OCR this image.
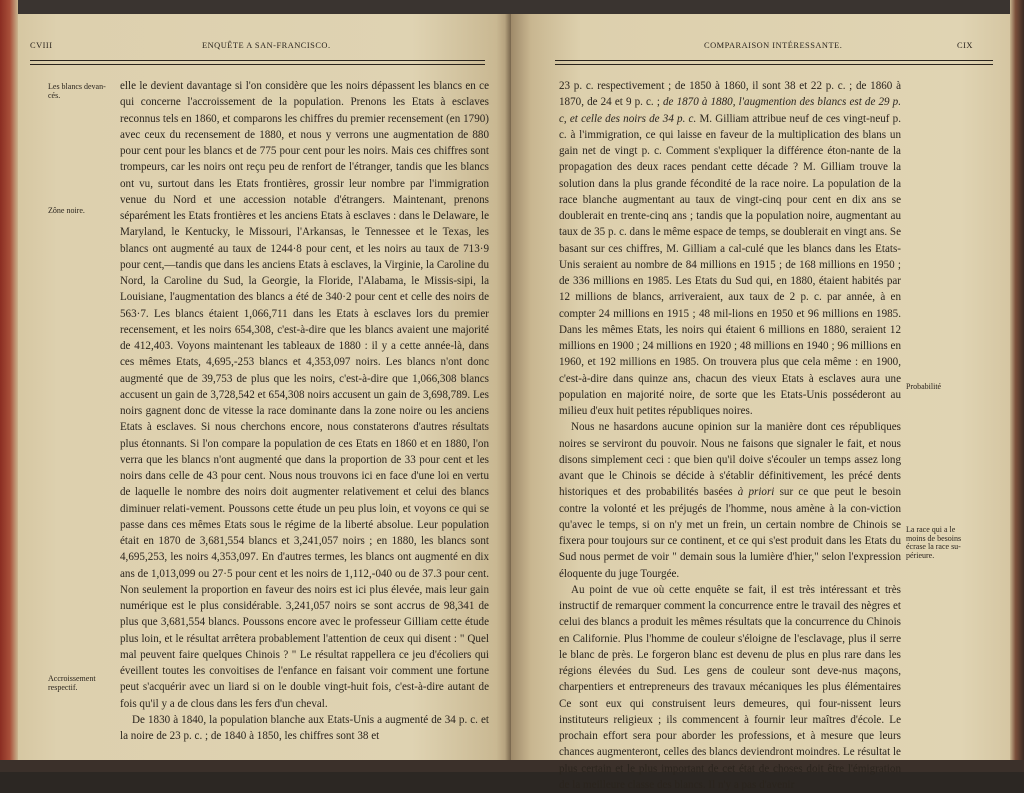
CVIII	ENQUÊTE A SAN-FRANCISCO.
Les blancs devan-
cés.
Zône noire.
Accroissement
respectif.

elle le devient davantage si l'on considère que les noirs dépassent les blancs en ce qui concerne l'accroissement de la population. Prenons les Etats à esclaves reconnus tels en 1860, et comparons les chiffres du premier recensement (en 1790) avec ceux du recensement de 1880, et nous y verrons une augmentation de 880 pour cent pour les blancs et de 775 pour cent pour les noirs. Mais ces chiffres sont trompeurs, car les noirs ont reçu peu de renfort de l'étranger, tandis que les blancs ont vu, surtout dans les Etats frontières, grossir leur nombre par l'immigration venue du Nord et une accession notable d'étrangers. Maintenant, prenons séparément les Etats frontières et les anciens Etats à esclaves : dans le Delaware, le Maryland, le Kentucky, le Missouri, l'Arkansas, le Tennessee et le Texas, les blancs ont augmenté au taux de 1244·8 pour cent, et les noirs au taux de 713·9 pour cent,—tandis que dans les anciens Etats à esclaves, la Virginie, la Caroline du Nord, la Caroline du Sud, la Georgie, la Floride, l'Alabama, le Missis-sipi, la Louisiane, l'augmentation des blancs a été de 340·2 pour cent et celle des noirs de 563·7. Les blancs étaient 1,066,711 dans les Etats à esclaves lors du premier recensement, et les noirs 654,308, c'est-à-dire que les blancs avaient une majorité de 412,403. Voyons maintenant les tableaux de 1880 : il y a cette année-là, dans ces mêmes Etats, 4,695,-253 blancs et 4,353,097 noirs. Les blancs n'ont donc augmenté que de 39,753 de plus que les noirs, c'est-à-dire que 1,066,308 blancs accusent un gain de 3,728,542 et 654,308 noirs accusent un gain de 3,698,789. Les noirs gagnent donc de vitesse la race dominante dans la zone noire ou les anciens Etats à esclaves. Si nous cherchons encore, nous constaterons d'autres résultats plus étonnants. Si l'on compare la population de ces Etats en 1860 et en 1880, l'on verra que les blancs n'ont augmenté que dans la proportion de 33 pour cent et les noirs dans celle de 43 pour cent. Nous nous trouvons ici en face d'une loi en vertu de laquelle le nombre des noirs doit augmenter relativement et celui des blancs diminuer relati-vement. Poussons cette étude un peu plus loin, et voyons ce qui se passe dans ces mêmes Etats sous le régime de la liberté absolue. Leur population était en 1870 de 3,681,554 blancs et 3,241,057 noirs ; en 1880, les blancs sont 4,695,253, les noirs 4,353,097. En d'autres termes, les blancs ont augmenté en dix ans de 1,013,099 ou 27·5 pour cent et les noirs de 1,112,-040 ou de 37.3 pour cent. Non seulement la proportion en faveur des noirs est ici plus élevée, mais leur gain numérique est le plus considérable. 3,241,057 noirs se sont accrus de 98,341 de plus que 3,681,554 blancs. Poussons encore avec le professeur Gilliam cette étude plus loin, et le résultat arrêtera probablement l'attention de ceux qui disent : " Quel mal peuvent faire quelques Chinois ? " Le résultat rappellera ce jeu d'écoliers qui éveillent toutes les convoitises de l'enfance en faisant voir comment une fortune peut s'acquérir avec un liard si on le double vingt-huit fois, c'est-à-dire autant de fois qu'il y a de clous dans les fers d'un cheval.

De 1830 à 1840, la population blanche aux Etats-Unis a augmenté de 34 p. c. et la noire de 23 p. c. ; de 1840 à 1850, les chiffres sont 38 et

COMPARAISON INTÉRESSANTE.	CIX

23 p. c. respectivement ; de 1850 à 1860, il sont 38 et 22 p. c. ; de 1860 à 1870, de 24 et 9 p. c. ; de 1870 à 1880, l'augmention des blancs est de 29 p. c, et celle des noirs de 34 p. c. M. Gilliam attribue neuf de ces vingt-neuf p. c. à l'immigration, ce qui laisse en faveur de la multiplication des blans un gain net de vingt p. c. Comment s'expliquer la différence éton-nante de la propagation des deux races pendant cette décade ? M. Gilliam trouve la solution dans la plus grande fécondité de la race noire. La population de la race blanche augmentant au taux de vingt-cinq pour cent en dix ans se doublerait en trente-cinq ans ; tandis que la population noire, augmentant au taux de 35 p. c. dans le même espace de temps, se doublerait en vingt ans. Se basant sur ces chiffres, M. Gilliam a cal-culé que les blancs dans les Etats-Unis seraient au nombre de 84 millions en 1915 ; de 168 millions en 1950 ; de 336 millions en 1985. Les Etats du Sud qui, en 1880, étaient habités par 12 millions de blancs, arriveraient, aux taux de 2 p. c. par année, à en compter 24 millions en 1915 ; 48 mil-lions en 1950 et 96 millions en 1985. Dans les mêmes Etats, les noirs qui étaient 6 millions en 1880, seraient 12 millions en 1900 ; 24 millions en 1920 ; 48 millions en 1940 ; 96 millions en 1960, et 192 millions en 1985. On trouvera plus que cela même : en 1900, c'est-à-dire dans quinze ans, chacun des vieux Etats à esclaves aura une population en majorité noire, de sorte que les Etats-Unis posséderont au milieu d'eux huit petites républiques noires.

Nous ne hasardons aucune opinion sur la manière dont ces républiques noires se serviront du pouvoir. Nous ne faisons que signaler le fait, et nous disons simplement ceci : que bien qu'il doive s'écouler un temps assez long avant que le Chinois se décide à s'établir définitivement, les précé dents historiques et des probabilités basées à priori sur ce que peut le besoin contre la volonté et les préjugés de l'homme, nous amène à la con-viction qu'avec le temps, si on n'y met un frein, un certain nombre de Chinois se fixera pour toujours sur ce continent, et ce qui s'est produit dans les Etats du Sud nous permet de voir " demain sous la lumière d'hier," selon l'expression éloquente du juge Tourgée.

Au point de vue où cette enquête se fait, il est très intéressant et très instructif de remarquer comment la concurrence entre le travail des nègres et celui des blancs a produit les mêmes résultats que la concurrence du Chinois en Californie. Plus l'homme de couleur s'éloigne de l'esclavage, plus il serre le blanc de près. Le forgeron blanc est devenu de plus en plus rare dans les régions élevées du Sud. Les gens de couleur sont deve-nus maçons, charpentiers et entrepreneurs des travaux mécaniques les plus élémentaires Ce sont eux qui construisent leurs demeures, qui four-nissent leurs instituteurs religieux ; ils commencent à fournir leur maîtres d'école. Le prochain effort sera pour aborder les professions, et à mesure que leurs chances augmenteront, celles des blancs deviendront moindres. Le résultat le plus certain et le plus important de cet état de choses doit être l'émigration de la meilleure classe des blancs. Il n'y a pas d'avenir

Probabilité
La race qui a le
moins de besoins
écrase la race su-
périeure.
